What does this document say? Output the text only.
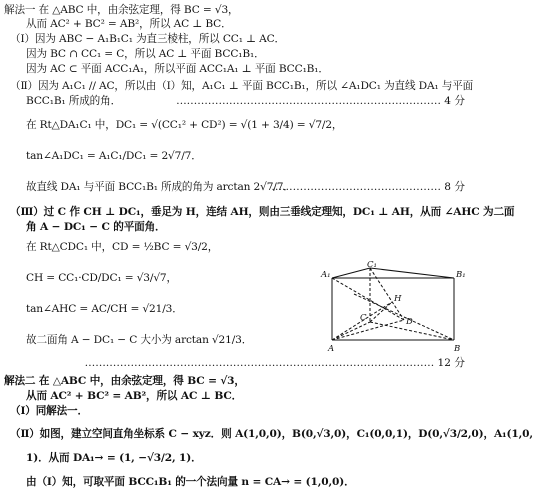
解法一 在 △ABC 中，由余弦定理，得 BC = √3，
从而 AC² + BC² = AB²，所以 AC ⊥ BC．
（Ⅰ）因为 ABC − A₁B₁C₁ 为直三棱柱，所以 CC₁ ⊥ AC．
因为 BC ∩ CC₁ = C，所以 AC ⊥ 平面 BCC₁B₁．
因为 AC ⊂ 平面 ACC₁A₁，所以平面 ACC₁A₁ ⊥ 平面 BCC₁B₁．
（Ⅱ）因为 A₁C₁ // AC，所以由（Ⅰ）知，A₁C₁ ⊥ 平面 BCC₁B₁，所以 ∠A₁DC₁ 为直线 DA₁ 与平面
BCC₁B₁ 所成的角．
在 Rt△DA₁C₁ 中，DC₁ = √(CC₁² + CD²) = √(1 + 3/4) = √7/2，
tan∠A₁DC₁ = A₁C₁/DC₁ = 2√7/7．
故直线 DA₁ 与平面 BCC₁B₁ 所成的角为 arctan 2√7/7．
（Ⅲ）过 C 作 CH ⊥ DC₁，垂足为 H，连结 AH，则由三垂线定理知，DC₁ ⊥ AH，从而 ∠AHC 为二面
角 A − DC₁ − C 的平面角．
在 Rt△CDC₁ 中，CD = ½BC = √3/2，
CH = CC₁·CD/DC₁ = √3/√7，
tan∠AHC = AC/CH = √21/3．
故二面角 A − DC₁ − C 大小为 arctan √21/3．
解法二 在 △ABC 中，由余弦定理，得 BC = √3，
从而 AC² + BC² = AB²，所以 AC ⊥ BC．
（Ⅰ）同解法一．
（Ⅱ）如图，建立空间直角坐标系 C − xyz．则 A(1,0,0)，B(0,√3,0)，C₁(0,0,1)，D(0,√3/2,0)，A₁(1,0,
1)．从而 DA₁→ = (1, −√3/2, 1)．
由（Ⅰ）知，可取平面 BCC₁B₁ 的一个法向量 n = CA→ = (1,0,0)．
………………………………………………………………… 4 分
………………………………………… 8 分
……………………………………………………………………………………… 12 分
C₁
A₁	B₁
H
C	D
A	B
